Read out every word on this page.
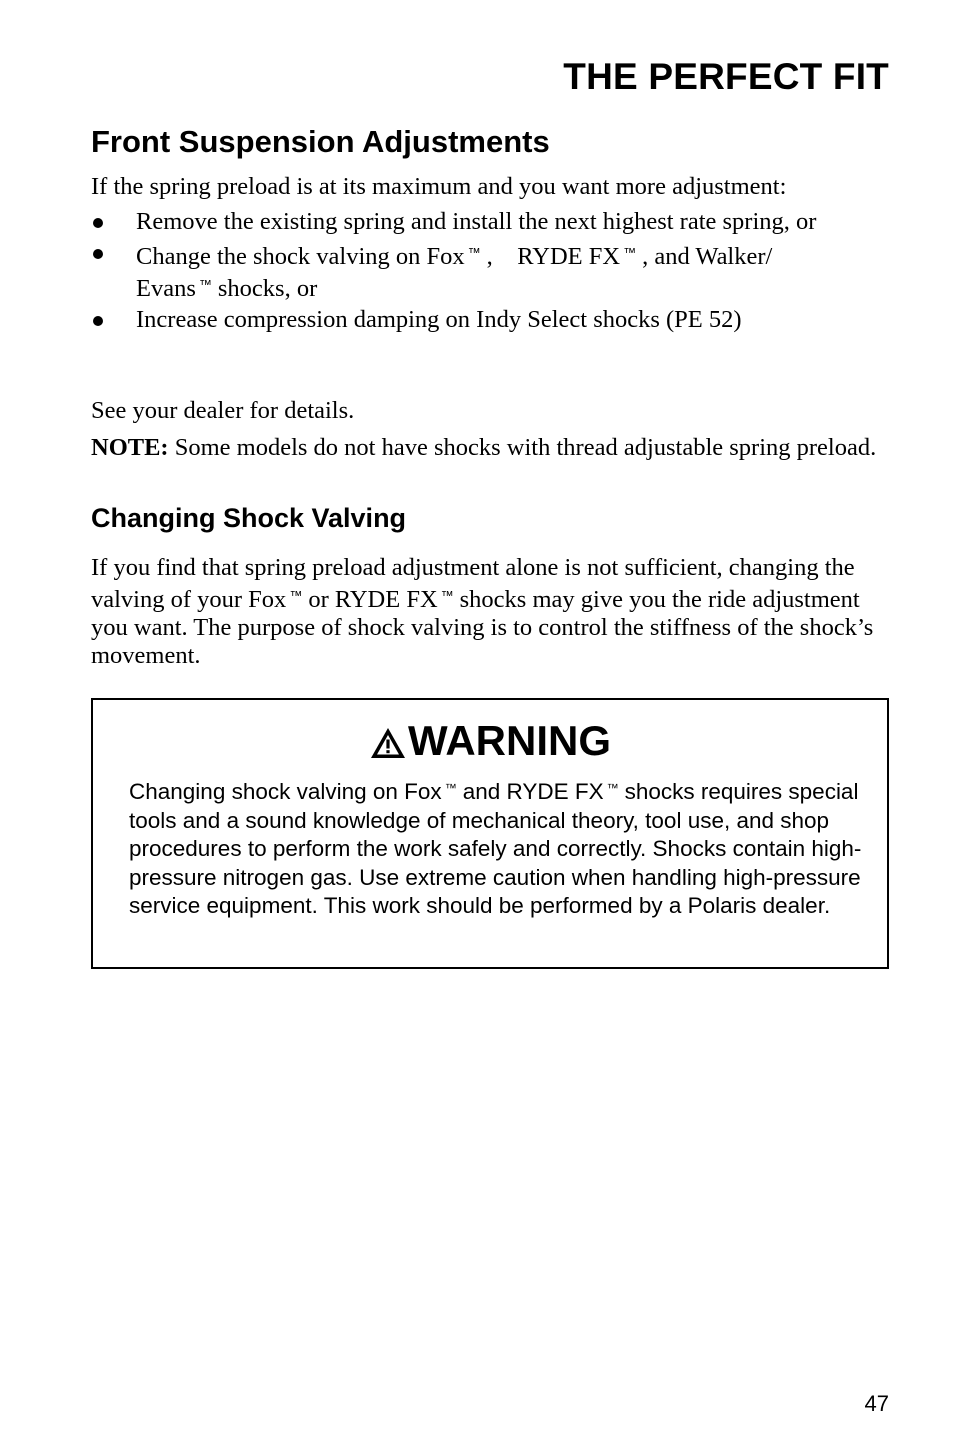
THE PERFECT FIT
Front Suspension Adjustments

If the spring preload is at its maximum and you want more adjustment:

Remove the existing spring and install the next highest rate spring, or
Change the shock valving on Fox ™ , RYDE FX ™ , and Walker/
Evans ™ shocks, or
Increase compression damping on Indy Select shocks (PE 52)

See your dealer for details.

NOTE: Some models do not have shocks with thread adjustable spring preload.

Changing Shock Valving

If you find that spring preload adjustment alone is not sufficient, changing the valving of your Fox ™ or RYDE FX ™ shocks may give you the ride adjustment you want. The purpose of shock valving is to control the stiffness of the shock’s movement.

WARNING
Changing shock valving on Fox ™ and RYDE FX ™ shocks requires special tools and a sound knowledge of mechanical theory, tool use, and shop procedures to perform the work safely and correctly. Shocks contain high-pressure nitrogen gas. Use extreme caution when handling high-pressure service equipment. This work should be performed by a Polaris dealer.
47
